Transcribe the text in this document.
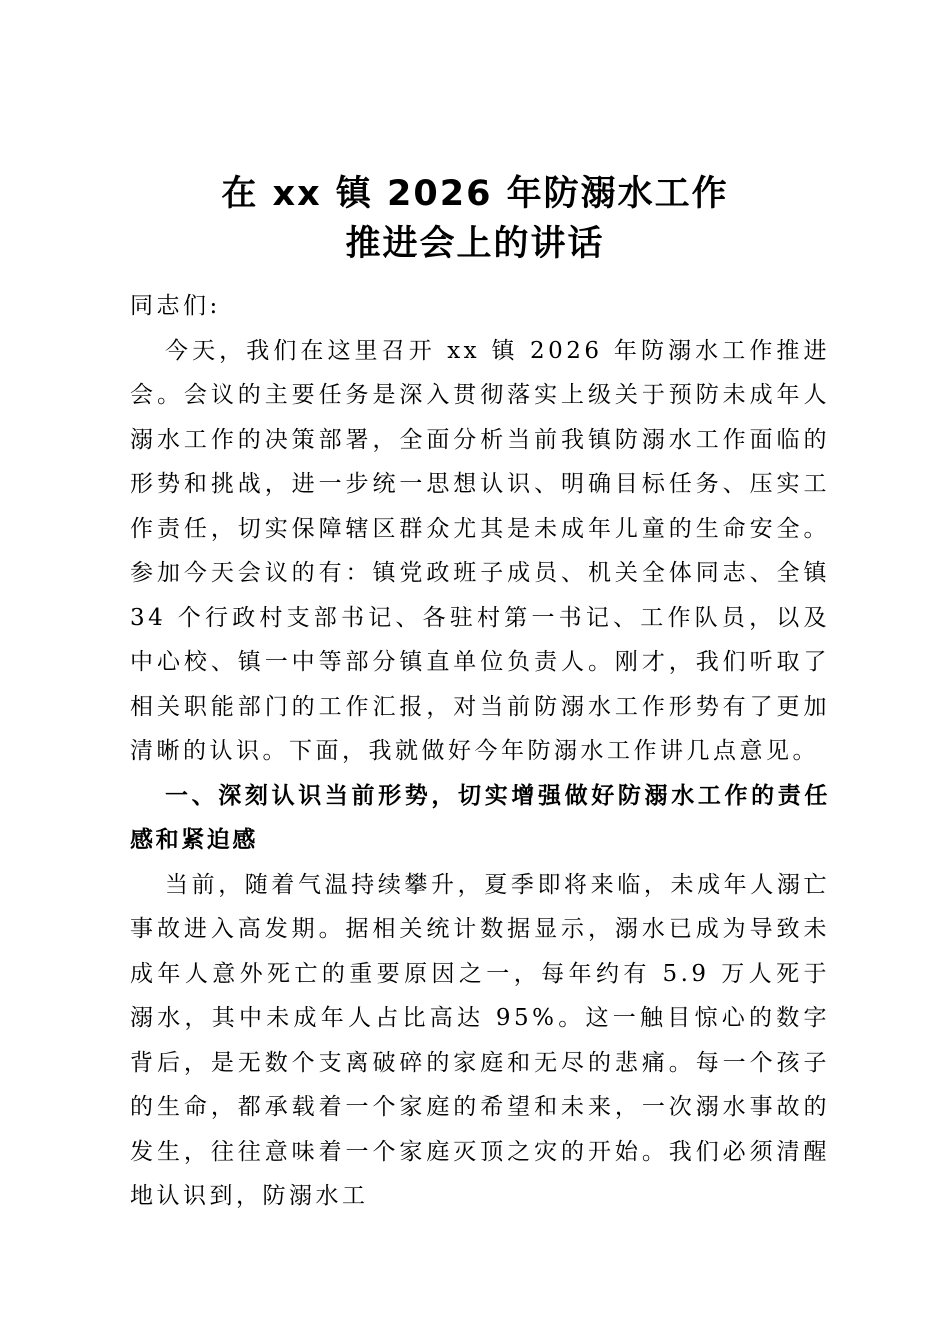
在 xx 镇 2026 年防溺水工作
推进会上的讲话

同志们:

今天，我们在这里召开 xx 镇 2026 年防溺水工作推进会。会议的主要任务是深入贯彻落实上级关于预防未成年人溺水工作的决策部署，全面分析当前我镇防溺水工作面临的形势和挑战，进一步统一思想认识、明确目标任务、压实工作责任，切实保障辖区群众尤其是未成年儿童的生命安全。参加今天会议的有：镇党政班子成员、机关全体同志、全镇 34 个行政村支部书记、各驻村第一书记、工作队员，以及中心校、镇一中等部分镇直单位负责人。刚才，我们听取了相关职能部门的工作汇报，对当前防溺水工作形势有了更加清晰的认识。下面，我就做好今年防溺水工作讲几点意见。

一、深刻认识当前形势，切实增强做好防溺水工作的责任感和紧迫感

当前，随着气温持续攀升，夏季即将来临，未成年人溺亡事故进入高发期。据相关统计数据显示，溺水已成为导致未成年人意外死亡的重要原因之一，每年约有 5.9 万人死于溺水，其中未成年人占比高达 95%。这一触目惊心的数字背后，是无数个支离破碎的家庭和无尽的悲痛。每一个孩子的生命，都承载着一个家庭的希望和未来，一次溺水事故的发生，往往意味着一个家庭灭顶之灾的开始。我们必须清醒地认识到，防溺水工
